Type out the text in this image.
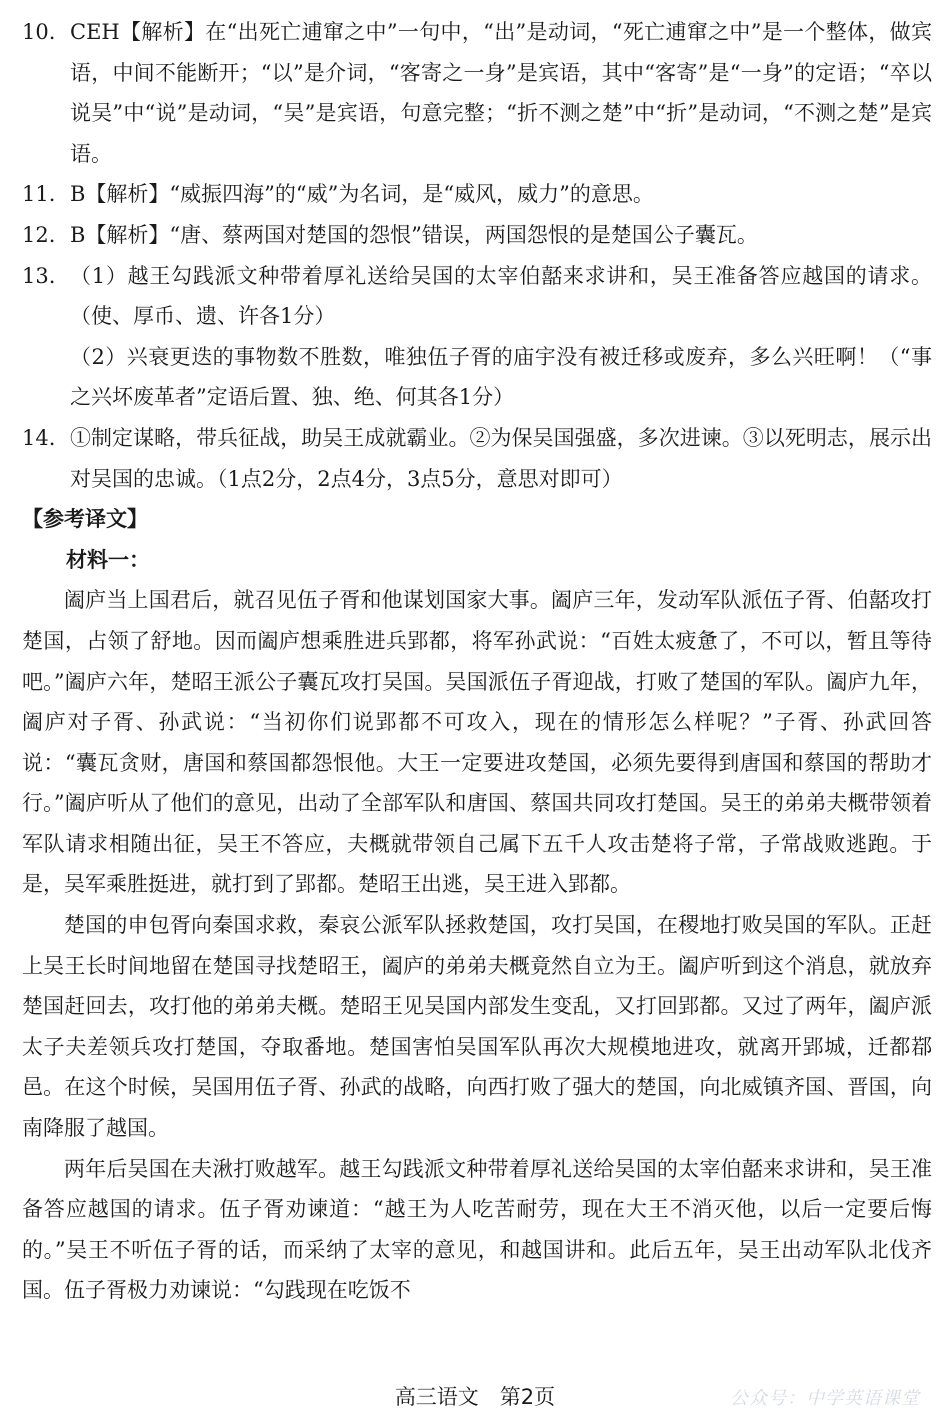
10. CEH【解析】在“出死亡逋窜之中”一句中，“出”是动词，“死亡逋窜之中”是一个整体，做宾语，中间不能断开；“以”是介词，“客寄之一身”是宾语，其中“客寄”是“一身”的定语；“卒以说吴”中“说”是动词，“吴”是宾语，句意完整；“折不测之楚”中“折”是动词，“不测之楚”是宾语。
11. B【解析】“威振四海”的“威”为名词，是“威风，威力”的意思。
12. B【解析】“唐、蔡两国对楚国的怨恨”错误，两国怨恨的是楚国公子囊瓦。
13. （1）越王勾践派文种带着厚礼送给吴国的太宰伯嚭来求讲和，吴王准备答应越国的请求。（使、厚币、遗、许各1分）

（2）兴衰更迭的事物数不胜数，唯独伍子胥的庙宇没有被迁移或废弃，多么兴旺啊！（“事之兴坏废革者”定语后置、独、绝、何其各1分）

14. ①制定谋略，带兵征战，助吴王成就霸业。②为保吴国强盛，多次进谏。③以死明志，展示出对吴国的忠诚。（1点2分，2点4分，3点5分，意思对即可）
【参考译文】
材料一：

阖庐当上国君后，就召见伍子胥和他谋划国家大事。阖庐三年，发动军队派伍子胥、伯嚭攻打楚国，占领了舒地。因而阖庐想乘胜进兵郢都，将军孙武说：“百姓太疲惫了，不可以，暂且等待吧。”阖庐六年，楚昭王派公子囊瓦攻打吴国。吴国派伍子胥迎战，打败了楚国的军队。阖庐九年，阖庐对子胥、孙武说：“当初你们说郢都不可攻入，现在的情形怎么样呢？”子胥、孙武回答说：“囊瓦贪财，唐国和蔡国都怨恨他。大王一定要进攻楚国，必须先要得到唐国和蔡国的帮助才行。”阖庐听从了他们的意见，出动了全部军队和唐国、蔡国共同攻打楚国。吴王的弟弟夫概带领着军队请求相随出征，吴王不答应，夫概就带领自己属下五千人攻击楚将子常，子常战败逃跑。于是，吴军乘胜挺进，就打到了郢都。楚昭王出逃，吴王进入郢都。

楚国的申包胥向秦国求救，秦哀公派军队拯救楚国，攻打吴国，在稷地打败吴国的军队。正赶上吴王长时间地留在楚国寻找楚昭王，阖庐的弟弟夫概竟然自立为王。阖庐听到这个消息，就放弃楚国赶回去，攻打他的弟弟夫概。楚昭王见吴国内部发生变乱，又打回郢都。又过了两年，阖庐派太子夫差领兵攻打楚国，夺取番地。楚国害怕吴国军队再次大规模地进攻，就离开郢城，迁都鄀邑。在这个时候，吴国用伍子胥、孙武的战略，向西打败了强大的楚国，向北威镇齐国、晋国，向南降服了越国。

两年后吴国在夫湫打败越军。越王勾践派文种带着厚礼送给吴国的太宰伯嚭来求讲和，吴王准备答应越国的请求。伍子胥劝谏道：“越王为人吃苦耐劳，现在大王不消灭他，以后一定要后悔的。”吴王不听伍子胥的话，而采纳了太宰的意见，和越国讲和。此后五年，吴王出动军队北伐齐国。伍子胥极力劝谏说：“勾践现在吃饭不

高三语文　第2页	公众号：中学英语课堂
